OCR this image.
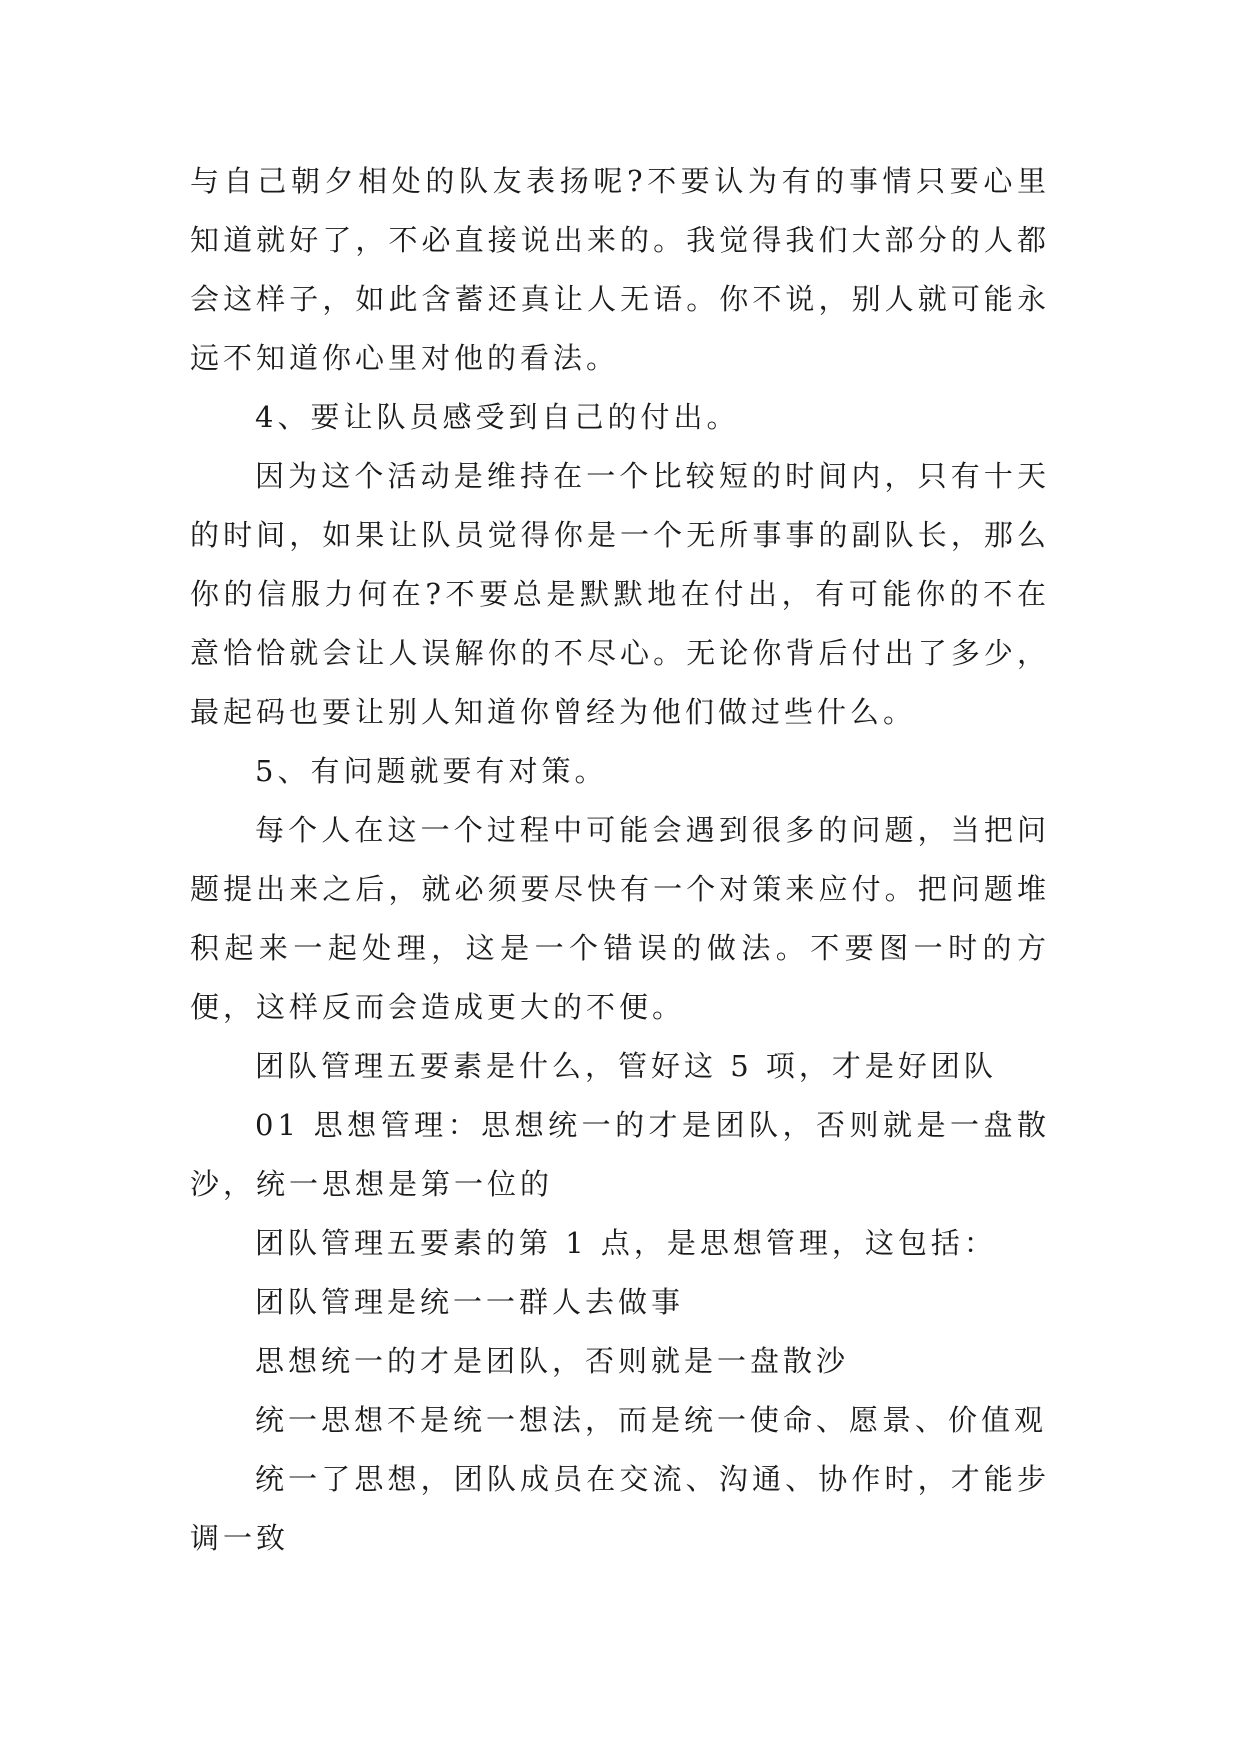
与自己朝夕相处的队友表扬呢?不要认为有的事情只要心里知道就好了，不必直接说出来的。我觉得我们大部分的人都会这样子，如此含蓄还真让人无语。你不说，别人就可能永远不知道你心里对他的看法。

4、要让队员感受到自己的付出。

因为这个活动是维持在一个比较短的时间内，只有十天的时间，如果让队员觉得你是一个无所事事的副队长，那么你的信服力何在?不要总是默默地在付出，有可能你的不在意恰恰就会让人误解你的不尽心。无论你背后付出了多少，最起码也要让别人知道你曾经为他们做过些什么。

5、有问题就要有对策。

每个人在这一个过程中可能会遇到很多的问题，当把问题提出来之后，就必须要尽快有一个对策来应付。把问题堆积起来一起处理，这是一个错误的做法。不要图一时的方便，这样反而会造成更大的不便。

团队管理五要素是什么，管好这 5 项，才是好团队

01 思想管理：思想统一的才是团队，否则就是一盘散沙，统一思想是第一位的

团队管理五要素的第 1 点，是思想管理，这包括：

团队管理是统一一群人去做事

思想统一的才是团队，否则就是一盘散沙

统一思想不是统一想法，而是统一使命、愿景、价值观

统一了思想，团队成员在交流、沟通、协作时，才能步调一致
